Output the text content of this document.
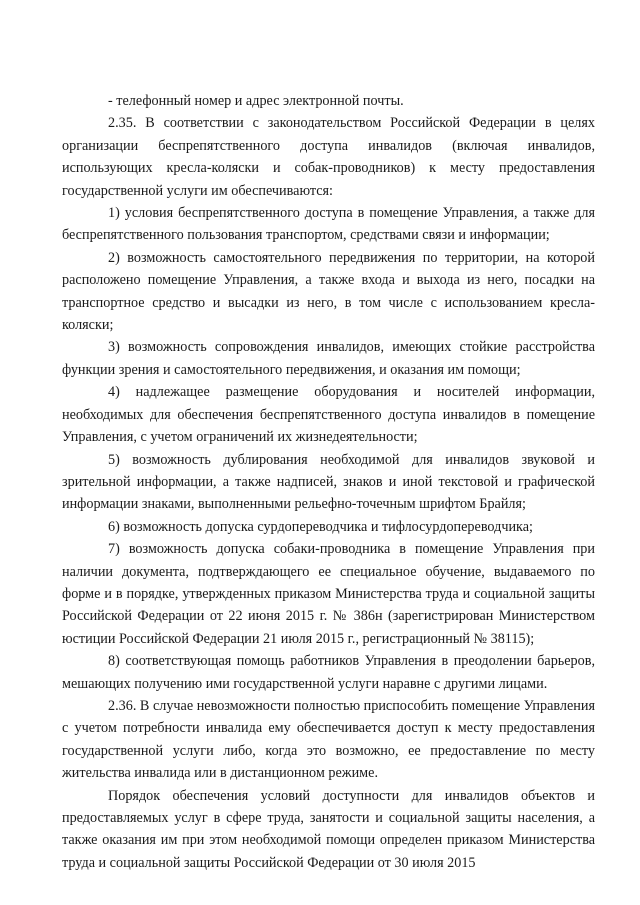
- телефонный номер и адрес электронной почты.

2.35. В соответствии с законодательством Российской Федерации в целях организации беспрепятственного доступа инвалидов (включая инвалидов, использующих кресла-коляски и собак-проводников) к месту предоставления государственной услуги им обеспечиваются:

1) условия беспрепятственного доступа в помещение Управления, а также для беспрепятственного пользования транспортом, средствами связи и информации;

2) возможность самостоятельного передвижения по территории, на которой расположено помещение Управления, а также входа и выхода из него, посадки на транспортное средство и высадки из него, в том числе с использованием кресла-коляски;

3) возможность сопровождения инвалидов, имеющих стойкие расстройства функции зрения и самостоятельного передвижения, и оказания им помощи;

4) надлежащее размещение оборудования и носителей информации, необходимых для обеспечения беспрепятственного доступа инвалидов в помещение Управления, с учетом ограничений их жизнедеятельности;

5) возможность дублирования необходимой для инвалидов звуковой и зрительной информации, а также надписей, знаков и иной текстовой и графической информации знаками, выполненными рельефно-точечным шрифтом Брайля;

6) возможность допуска сурдопереводчика и тифлосурдопереводчика;

7) возможность допуска собаки-проводника в помещение Управления при наличии документа, подтверждающего ее специальное обучение, выдаваемого по форме и в порядке, утвержденных приказом Министерства труда и социальной защиты Российской Федерации от 22 июня 2015 г. № 386н (зарегистрирован Министерством юстиции Российской Федерации 21 июля 2015 г., регистрационный № 38115);

8) соответствующая помощь работников Управления в преодолении барьеров, мешающих получению ими государственной услуги наравне с другими лицами.

2.36. В случае невозможности полностью приспособить помещение Управления с учетом потребности инвалида ему обеспечивается доступ к месту предоставления государственной услуги либо, когда это возможно, ее предоставление по месту жительства инвалида или в дистанционном режиме.

Порядок обеспечения условий доступности для инвалидов объектов и предоставляемых услуг в сфере труда, занятости и социальной защиты населения, а также оказания им при этом необходимой помощи определен приказом Министерства труда и социальной защиты Российской Федерации от 30 июля 2015
